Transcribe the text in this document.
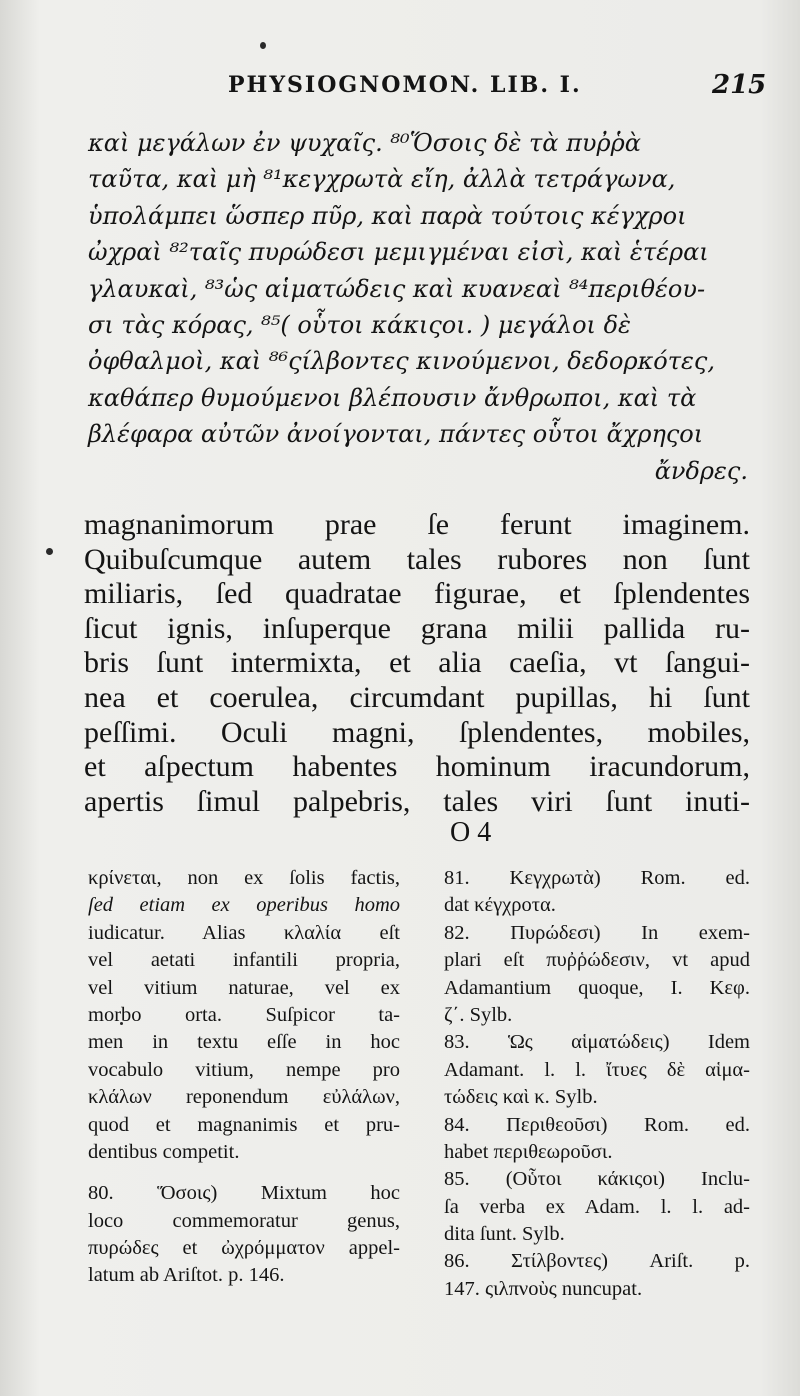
PHYSIOGNOMON. LIB. I.	215
καὶ μεγάλων ἐν ψυχαῖς. ⁸⁰Ὅσοις δὲ τὰ πυῤῥὰ
ταῦτα, καὶ μὴ ⁸¹κεγχρωτὰ εἴη, ἀλλὰ τετράγωνα,
ὑπολάμπει ὥσπερ πῦρ, καὶ παρὰ τούτοις κέγχροι
ὠχραὶ ⁸²ταῖς πυρώδεσι μεμιγμέναι εἰσὶ, καὶ ἑτέραι
γλαυκαὶ, ⁸³ὡς αἱματώδεις καὶ κυανεαὶ ⁸⁴περιθέου-
σι τὰς κόρας, ⁸⁵( οὗτοι κάκιςοι. ) μεγάλοι δὲ
ὀφθαλμοὶ, καὶ ⁸⁶ςίλβοντες κινούμενοι, δεδορκότες,
καθάπερ θυμούμενοι βλέπουσιν ἄνθρωποι, καὶ τὰ
βλέφαρα αὐτῶν ἀνοίγονται, πάντες οὗτοι ἄχρηςοι
ἄνδρες.
magnanimorum prae ſe ferunt imaginem.
Quibuſcumque autem tales rubores non ſunt
miliaris, ſed quadratae figurae, et ſplendentes
ſicut ignis, inſuperque grana milii pallida ru-
bris ſunt intermixta, et alia caeſia, vt ſangui-
nea et coerulea, circumdant pupillas, hi ſunt
peſſimi. Oculi magni, ſplendentes, mobiles,
et aſpectum habentes hominum iracundorum,
apertis ſimul palpebris, tales viri ſunt inuti-
O 4
κρίνεται, non ex ſolis factis,
ſed etiam ex operibus homo
iudicatur. Alias κλαλία eſt
vel aetati infantili propria,
vel vitium naturae, vel ex
morbo orta. Suſpicor ta-
men in textu eſſe in hoc
vocabulo vitium, nempe pro
κλάλων reponendum εὐλάλων,
quod et magnanimis et pru-
dentibus competit.
80. Ὅσοις) Mixtum hoc
loco commemoratur genus,
πυρώδες et ὠχρόμματον appel-
latum ab Ariſtot. p. 146.
81. Κεγχρωτὰ) Rom. ed.
dat κέγχροτα.
82. Πυρώδεσι) In exem-
plari eſt πυῤῥώδεσιν, vt apud
Adamantium quoque, I. Κεφ.
ζ΄. Sylb.
83. Ὡς αἱματώδεις) Idem
Adamant. l. l. ἴτυες δὲ αἱμα-
τώδεις καὶ κ. Sylb.
84. Περιθεοῦσι) Rom. ed.
habet περιθεωροῦσι.
85. (Οὗτοι κάκιςοι) Inclu-
ſa verba ex Adam. l. l. ad-
dita ſunt. Sylb.
86. Στίλβοντες) Ariſt. p.
147. ςιλπνοὺς nuncupat.
